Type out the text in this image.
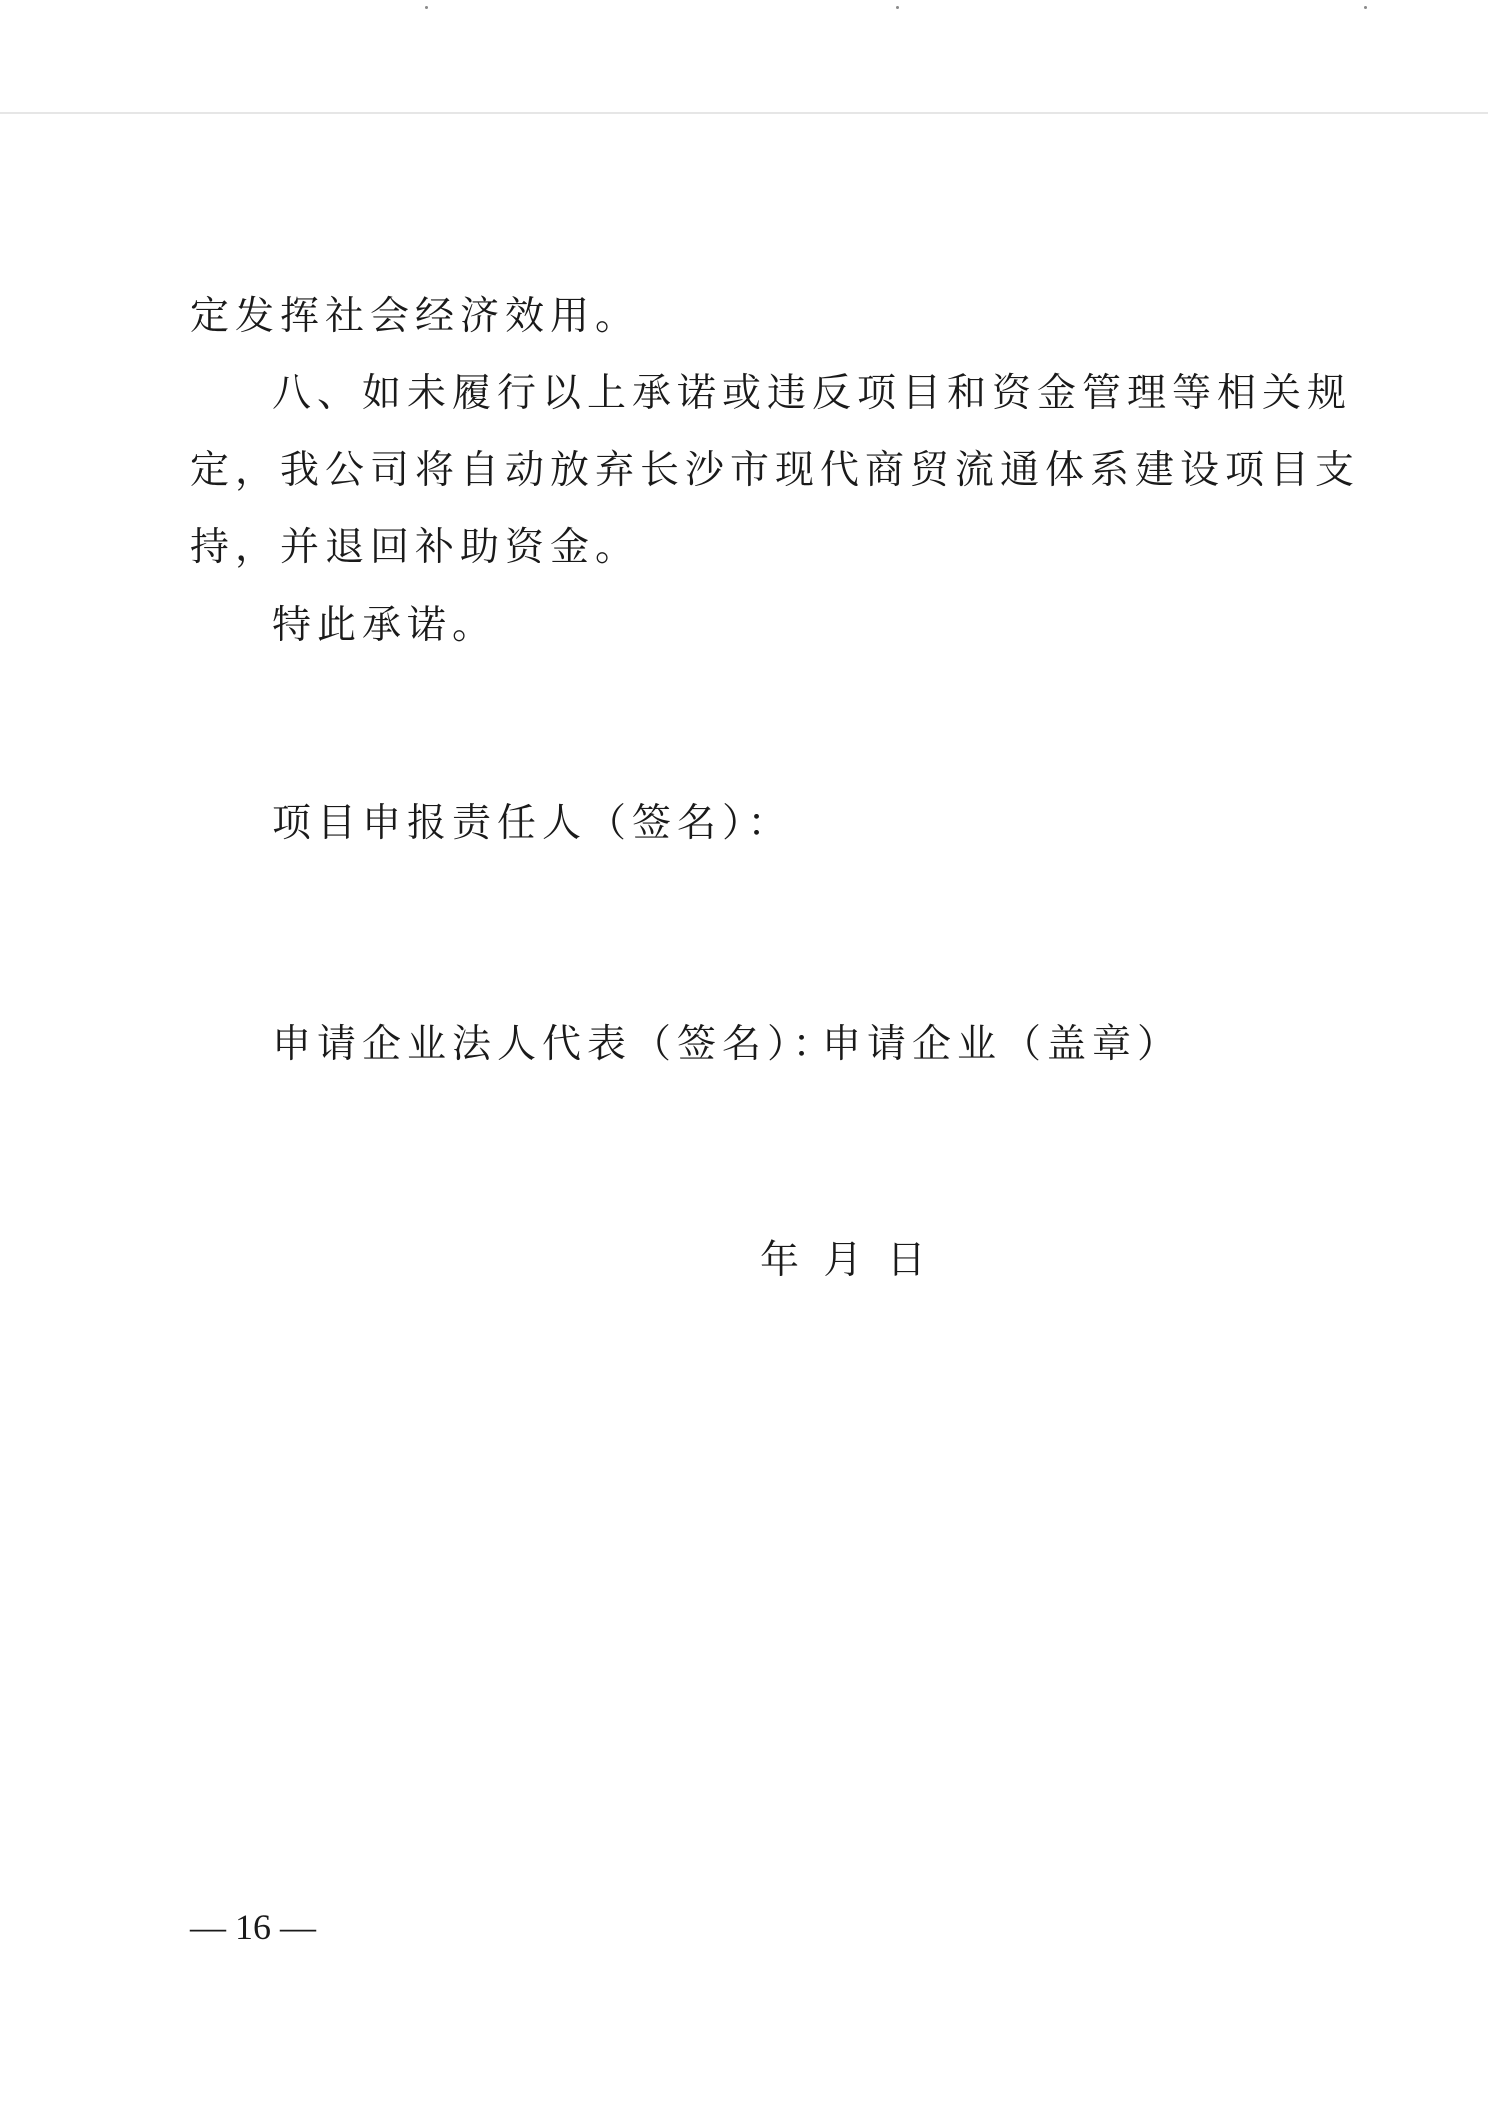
定发挥社会经济效用。

八、如未履行以上承诺或违反项目和资金管理等相关规

定，我公司将自动放弃长沙市现代商贸流通体系建设项目支

持，并退回补助资金。

特此承诺。

项目申报责任人（签名）：

申请企业法人代表（签名）：

申请企业（盖章）

年 月 日

— 16 —
